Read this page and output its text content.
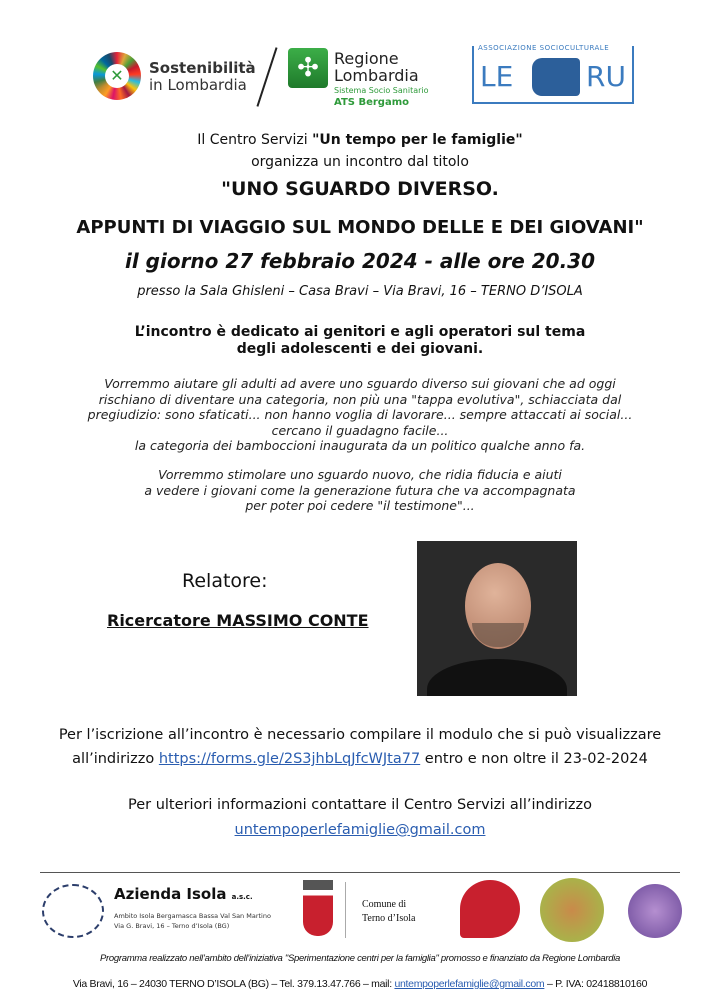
✕	Sostenibilità
in Lombardia
✣ Regione
Lombardia
Sistema Socio Sanitario
ATS Bergamo
ASSOCIAZIONE SOCIOCULTURALE
LE	RU
Il Centro Servizi "Un tempo per le famiglie"
organizza un incontro dal titolo
"UNO SGUARDO DIVERSO.
APPUNTI DI VIAGGIO SUL MONDO DELLE E DEI GIOVANI"
il giorno 27 febbraio 2024 - alle ore 20.30
presso la Sala Ghisleni – Casa Bravi – Via Bravi, 16 – TERNO D’ISOLA
L’incontro è dedicato ai genitori e agli operatori sul tema
degli adolescenti e dei giovani.
Vorremmo aiutare gli adulti ad avere uno sguardo diverso sui giovani che ad oggi
rischiano di diventare una categoria, non più una "tappa evolutiva", schiacciata dal
pregiudizio: sono sfaticati... non hanno voglia di lavorare... sempre attaccati ai social...
cercano il guadagno facile...
la categoria dei bamboccioni inaugurata da un politico qualche anno fa.
Vorremmo stimolare uno sguardo nuovo, che ridia fiducia e aiuti
a vedere i giovani come la generazione futura che va accompagnata
per poter poi cedere "il testimone"...
Relatore:
Ricercatore MASSIMO CONTE
Per l’iscrizione all’incontro è necessario compilare il modulo che si può visualizzare
all’indirizzo https://forms.gle/2S3jhbLqJfcWJta77 entro e non oltre il 23-02-2024
Per ulteriori informazioni contattare il Centro Servizi all’indirizzo
untempoperlefamiglie@gmail.com
Azienda Isola a.s.c.
Ambito Isola Bergamasca Bassa Val San Martino
Via G. Bravi, 16 – Terno d’Isola (BG)
Comune di
Terno d’Isola
Programma realizzato nell’ambito dell’iniziativa "Sperimentazione centri per la famiglia" promosso e finanziato da Regione Lombardia
Via Bravi, 16 – 24030 TERNO D’ISOLA (BG) – Tel. 379.13.47.766 – mail: untempoperlefamiglie@gmail.com – P. IVA: 02418810160
